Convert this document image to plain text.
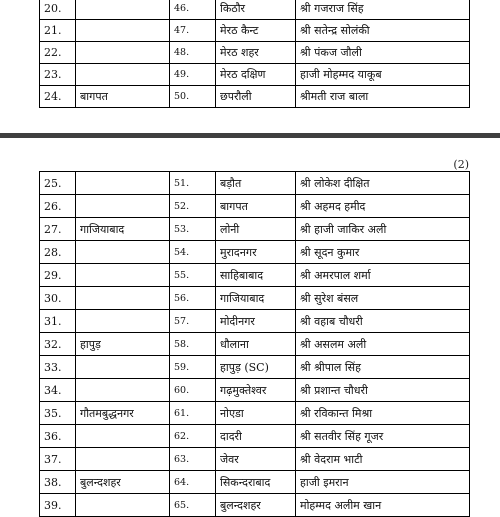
20.		46.	किठौर	श्री गजराज सिंह
21.		47.	मेरठ कैन्ट	श्री सतेन्द्र सोलंकी
22.		48.	मेरठ शहर	श्री पंकज जौली
23.		49.	मेरठ दक्षिण	हाजी मोहम्मद याकूब
24.	बागपत	50.	छपरौली	श्रीमती राज बाला
(2)
25.		51.	बड़ौत	श्री लोकेश दीक्षित
26.		52.	बागपत	श्री अहमद हमीद
27.	गाजियाबाद	53.	लोनी	श्री हाजी जाकिर अली
28.		54.	मुरादनगर	श्री सूदन कुमार
29.		55.	साहिबाबाद	श्री अमरपाल शर्मा
30.		56.	गाजियाबाद	श्री सुरेश बंसल
31.		57.	मोदीनगर	श्री वहाब चौधरी
32.	हापुड़	58.	धौलाना	श्री असलम अली
33.		59.	हापुड़ (SC)	श्री श्रीपाल सिंह
34.		60.	गढ़मुक्तेश्वर	श्री प्रशान्त चौधरी
35.	गौतमबुद्धनगर	61.	नोएडा	श्री रविकान्त मिश्रा
36.		62.	दादरी	श्री सतवीर सिंह गूजर
37.		63.	जेवर	श्री वेदराम भाटी
38.	बुलन्दशहर	64.	सिकन्दराबाद	हाजी इमरान
39.		65.	बुलन्दशहर	मोहम्मद अलीम खान
